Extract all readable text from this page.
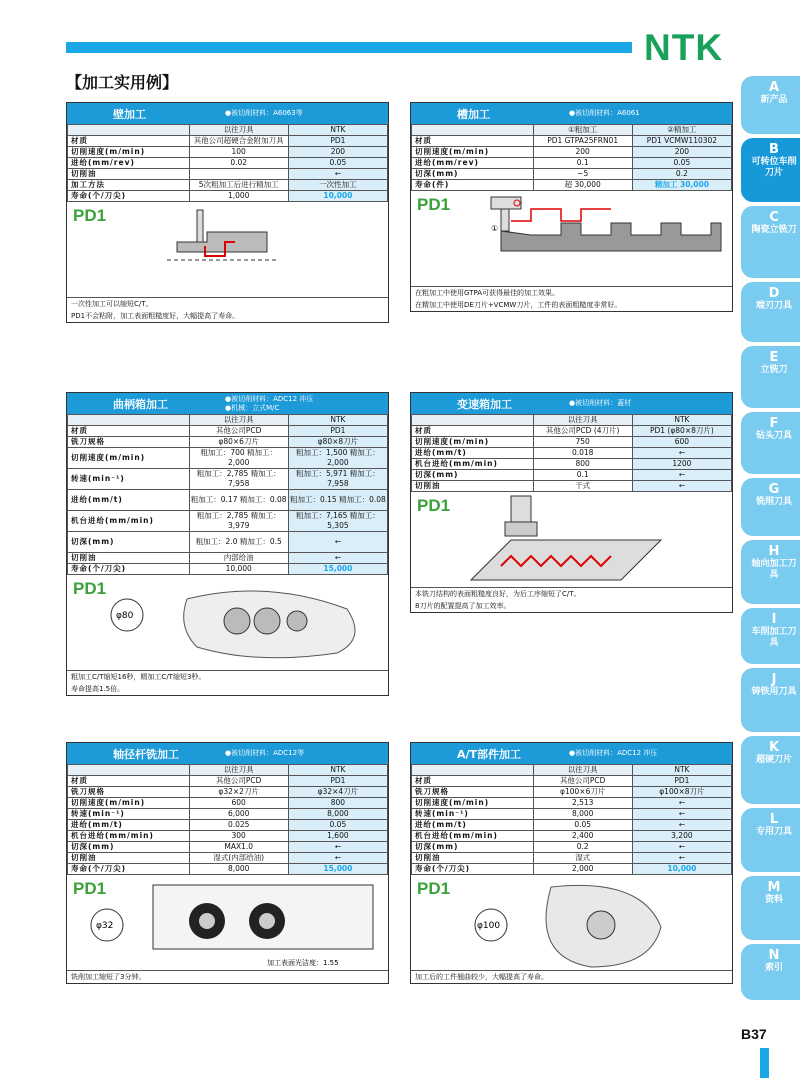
NTK
【加工实用例】	A
新产品
B
可转位车削刀片
C
陶瓷立铣刀
D
端刃刀具
E
立铣刀
F
钻头刀具
G
铣削刀具
H
轴向加工刀具
I
车削加工刀具
J
铸铁用刀具
K
超硬刀片
L
专用刀具
M
资料
N
索引
B37
壁加工	●被切削材料：A6063等
	以往刀具	NTK
材质	其他公司超硬合金附加刀具	PD1
切削速度(m/min)	100	200
进给(mm/rev)	0.02	0.05
切削油		←
加工方法	5次粗加工后进行精加工	一次性加工
寿命(个/刀尖)	1,000	10,000
PD1
一次性加工可以缩短C/T。
PD1不会粘附，加工表面粗糙度好，大幅提高了寿命。
槽加工	●被切削材料：A6061
	①粗加工	②精加工
材质	PD1 GTPA25FRN01	PD1 VCMW110302
切削速度(m/min)	200	200
进给(mm/rev)	0.1	0.05
切深(mm)	~5	0.2
寿命(件)	超 30,000	精加工 30,000
PD1
①
在粗加工中使用GTPA可获得最佳的加工效果。
在精加工中使用DE刀片+VCMW刀片，工件的表面粗糙度非常好。
曲柄箱加工	●被切削材料：ADC12 冲压
●机械：立式M/C
	以往刀具	NTK
材质	其他公司PCD	PD1
铣刀规格	φ80×6刀片	φ80×8刀片
切削速度(m/min)	粗加工：700 精加工：2,000	粗加工：1,500 精加工：2,000
转速(min⁻¹)	粗加工：2,785 精加工：7,958	粗加工：5,971 精加工：7,958
进给(mm/t)	粗加工：0.17 精加工：0.08	粗加工：0.15 精加工：0.08
机台进给(mm/min)	粗加工：2,785 精加工：3,979	粗加工：7,165 精加工：5,305
切深(mm)	粗加工：2.0 精加工：0.5	←
切削油	内部给油	←
寿命(个/刀尖)	10,000	15,000
PD1
φ80
粗加工C/T缩短16秒，精加工C/T缩短3秒。
寿命提高1.5倍。
变速箱加工	●被切削材料：蓋材
	以往刀具	NTK
材质	其他公司PCD (4刀片)	PD1 (φ80×8刀片)
切削速度(m/min)	750	600
进给(mm/t)	0.018	←
机台进给(mm/min)	800	1200
切深(mm)	0.1	←
切削油	干式	←
PD1
本铣刀结构的表面粗糙度良好，为后工序缩短了C/T。
8刀片的配置提高了加工效率。
轴径杆铣加工	●被切削材料：ADC12等
	以往刀具	NTK
材质	其他公司PCD	PD1
铣刀规格	φ32×2刀片	φ32×4刀片
切削速度(m/min)	600	800
转速(min⁻¹)	6,000	8,000
进给(mm/t)	0.025	0.05
机台进给(mm/min)	300	1,600
切深(mm)	MAX1.0	←
切削油	湿式(内部给油)	←
寿命(个/刀尖)	8,000	15,000
PD1
φ32
加工表面光洁度：1.55
铣削加工缩短了3分钟。
A/T部件加工	●被切削材料：ADC12 冲压
	以往刀具	NTK
材质	其他公司PCD	PD1
铣刀规格	φ100×6刀片	φ100×8刀片
切削速度(m/min)	2,513	←
转速(min⁻¹)	8,000	←
进给(mm/t)	0.05	←
机台进给(mm/min)	2,400	3,200
切深(mm)	0.2	←
切削油	湿式	←
寿命(个/刀尖)	2,000	10,000
PD1
φ100
加工后的工件翘曲较少，大幅提高了寿命。
